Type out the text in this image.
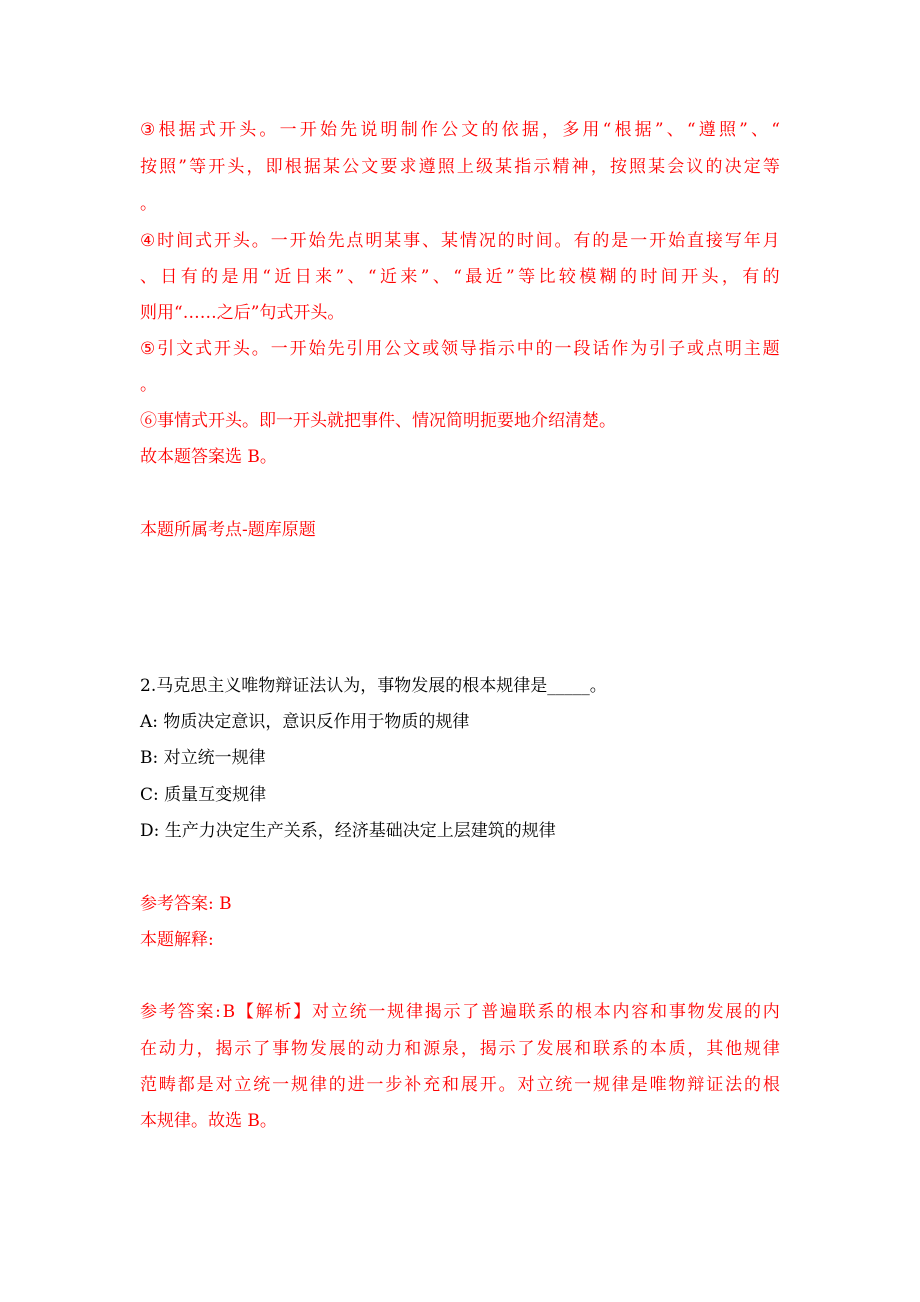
③ 根 据 式 开 头 。 一 开 始 先 说 明 制 作 公 文 的 依 据 ， 多 用 “ 根 据 ” 、 “ 遵 照 ” 、 “
按 照 ” 等 开 头 ， 即 根 据 某 公 文 要 求 遵 照 上 级 某 指 示 精 神 ， 按 照 某 会 议 的 决 定 等
。
④ 时 间 式 开 头 。 一 开 始 先 点 明 某 事 、 某 情 况 的 时 间 。 有 的 是 一 开 始 直 接 写 年 月
、 日 有 的 是 用 “ 近 日 来 ” 、 “ 近 来 ” 、 “ 最 近 ” 等 比 较 模 糊 的 时 间 开 头 ， 有 的
则用“……之后”句式开头。
⑤ 引 文 式 开 头 。 一 开 始 先 引 用 公 文 或 领 导 指 示 中 的 一 段 话 作 为 引 子 或 点 明 主 题
。
⑥事情式开头。即一开头就把事件、情况简明扼要地介绍清楚。
故本题答案选 B。
本题所属考点-题库原题
2.马克思主义唯物辩证法认为，事物发展的根本规律是_____。
A: 物质决定意识，意识反作用于物质的规律
B: 对立统一规律
C: 质量互变规律
D: 生产力决定生产关系，经济基础决定上层建筑的规律
参考答案: B
本题解释:
参 考 答 案 : B 【 解 析 】 对 立 统 一 规 律 揭 示 了 普 遍 联 系 的 根 本 内 容 和 事 物 发 展 的 内
在 动 力 ， 揭 示 了 事 物 发 展 的 动 力 和 源 泉 ， 揭 示 了 发 展 和 联 系 的 本 质 ， 其 他 规 律
范 畴 都 是 对 立 统 一 规 律 的 进 一 步 补 充 和 展 开 。 对 立 统 一 规 律 是 唯 物 辩 证 法 的 根
本规律。故选 B。
